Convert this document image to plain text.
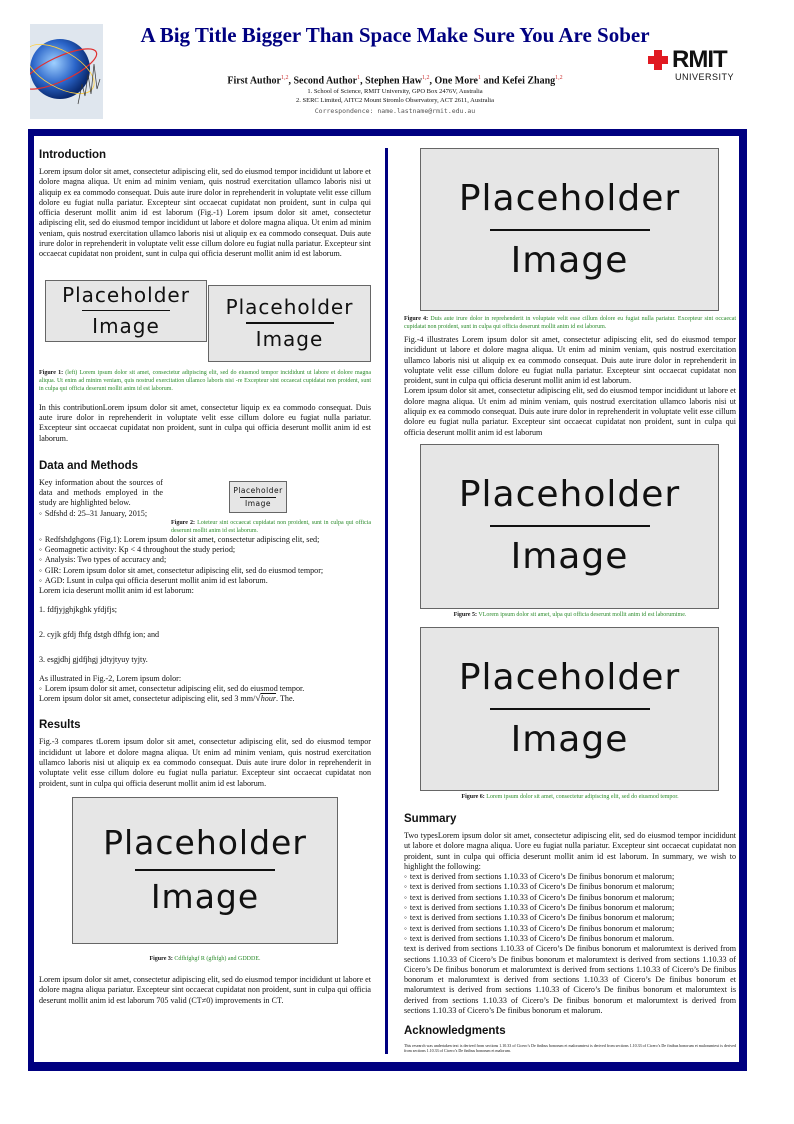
A Big Title Bigger Than Space Make Sure You Are Sober
First Author$^{1,2}$, Second Author$^1$, Stephen Haw$^{1,2}$, One More$^1$ and Kefei Zhang$^{1,2}$
1. School of Science, RMIT University, GPO Box 2476V, Australia
2. SERC Limited, AITC2 Mount Stromlo Observatory, ACT 2611, Australia
Correspondence: name.lastname@rmit.edu.au
RMIT
UNIVERSITY
Introduction

Lorem ipsum dolor sit amet, consectetur adipiscing elit, sed do eiusmod tempor incididunt ut labore et dolore magna aliqua. Ut enim ad minim veniam, quis nostrud exercitation ullamco laboris nisi ut aliquip ex ea commodo consequat. Duis aute irure dolor in reprehenderit in voluptate velit esse cillum dolore eu fugiat nulla pariatur. Excepteur sint occaecat cupidatat non proident, sunt in culpa qui officia deserunt mollit anim id est laborum (Fig.-1) Lorem ipsum dolor sit amet, consectetur adipiscing elit, sed do eiusmod tempor incididunt ut labore et dolore magna aliqua. Ut enim ad minim veniam, quis nostrud exercitation ullamco laboris nisi ut aliquip ex ea commodo consequat. Duis aute irure dolor in reprehenderit in voluptate velit esse cillum dolore eu fugiat nulla pariatur. Excepteur sint occaecat cupidatat non proident, sunt in culpa qui officia deserunt mollit anim id est laborum.

Placeholder
Image
Placeholder
Image
Figure 1: (left) Lorem ipsum dolor sit amet, consectetur adipiscing elit, sed do eiusmod tempor incididunt ut labore et dolore magna aliqua. Ut enim ad minim veniam, quis nostrud exercitation ullamco laboris nisi -re Excepteur sint occaecat cupidatat non proident, sunt in culpa qui officia deserunt mollit anim id est laborum.

In this contributionLorem ipsum dolor sit amet, consectetur liquip ex ea commodo consequat. Duis aute irure dolor in reprehenderit in voluptate velit esse cillum dolore eu fugiat nulla pariatur. Excepteur sint occaecat cupidatat non proident, sunt in culpa qui officia deserunt mollit anim id est laborum.

Data and Methods

Key information about the sources of data and methods employed in the study are highlighted below.

◦ Sdfshd d: 25–31 January, 2015;
Placeholder
Image
Figure 2: Loteteur sint occaecat cupidatat non proident, sunt in culpa qui officia deserunt mollit anim id est laborum.
◦ Redfshdghgons (Fig.1): Lorem ipsum dolor sit amet, consectetur adipiscing elit, sed;
◦ Geomagnetic activity: Kp < 4 throughout the study period;
◦ Analysis: Two types of accuracy and;
◦ GIR: Lorem ipsum dolor sit amet, consectetur adipiscing elit, sed do eiusmod tempor;
◦ AGD: Lsunt in culpa qui officia deserunt mollit anim id est laborum.

Lorem icia deserunt mollit anim id est laborum:

1. fdfjyjghjkghk yfdjfjs;

2. cyjk gfdj fhfg dstgh dfhfg ion; and

3. esgjdhj gjdfjhgj jdtyjtyuy tyjty.

As illustrated in Fig.-2, Lorem ipsum dolor:

◦ Lorem ipsum dolor sit amet, consectetur adipiscing elit, sed do eiusmod tempor.

Lorem ipsum dolor sit amet, consectetur adipiscing elit, sed 3 mm/√hour. The.

Results

Fig.-3 compares tLorem ipsum dolor sit amet, consectetur adipiscing elit, sed do eiusmod tempor incididunt ut labore et dolore magna aliqua. Ut enim ad minim veniam, quis nostrud exercitation ullamco laboris nisi ut aliquip ex ea commodo consequat. Duis aute irure dolor in reprehenderit in voluptate velit esse cillum dolore eu fugiat nulla pariatur. Excepteur sint occaecat cupidatat non proident, sunt in culpa qui officia deserunt mollit anim id est laborum.

Placeholder
Image
Figure 3: Cdfhfghgf R (gfhfgh) and GDDDE.

Lorem ipsum dolor sit amet, consectetur adipiscing elit, sed do eiusmod tempor incididunt ut labore et dolore magna aliqua pariatur. Excepteur sint occaecat cupidatat non proident, sunt in culpa qui officia deserunt mollit anim id est laborum 705 valid (CT≠0) improvements in CT.

Placeholder
Image
Figure 4: Duis aute irure dolor in reprehenderit in voluptate velit esse cillum dolore eu fugiat nulla pariatur. Excepteur sint occaecat cupidatat non proident, sunt in culpa qui officia deserunt mollit anim id est laborum.

Fig.-4 illustrates Lorem ipsum dolor sit amet, consectetur adipiscing elit, sed do eiusmod tempor incididunt ut labore et dolore magna aliqua. Ut enim ad minim veniam, quis nostrud exercitation ullamco laboris nisi ut aliquip ex ea commodo consequat. Duis aute irure dolor in reprehenderit in voluptate velit esse cillum dolore eu fugiat nulla pariatur. Excepteur sint occaecat cupidatat non proident, sunt in culpa qui officia deserunt mollit anim id est laborum.

Lorem ipsum dolor sit amet, consectetur adipiscing elit, sed do eiusmod tempor incididunt ut labore et dolore magna aliqua. Ut enim ad minim veniam, quis nostrud exercitation ullamco laboris nisi ut aliquip ex ea commodo consequat. Duis aute irure dolor in reprehenderit in voluptate velit esse cillum dolore eu fugiat nulla pariatur. Excepteur sint occaecat cupidatat non proident, sunt in culpa qui officia deserunt mollit anim id est laborum

Placeholder
Image
Figure 5: VLorem ipsum dolor sit amet, ulpa qui officia deserunt mollit anim id est laborumime.
Placeholder
Image
Figure 6: Lorem ipsum dolor sit amet, consectetur adipiscing elit, sed do eiusmod tempor.
Summary

Two typesLorem ipsum dolor sit amet, consectetur adipiscing elit, sed do eiusmod tempor incididunt ut labore et dolore magna aliqua. Uore eu fugiat nulla pariatur. Excepteur sint occaecat cupidatat non proident, sunt in culpa qui officia deserunt mollit anim id est laborum. In summary, we wish to highlight the following:

◦ text is derived from sections 1.10.33 of Cicero’s De finibus bonorum et malorum;
◦ text is derived from sections 1.10.33 of Cicero’s De finibus bonorum et malorum;
◦ text is derived from sections 1.10.33 of Cicero’s De finibus bonorum et malorum;
◦ text is derived from sections 1.10.33 of Cicero’s De finibus bonorum et malorum;
◦ text is derived from sections 1.10.33 of Cicero’s De finibus bonorum et malorum;
◦ text is derived from sections 1.10.33 of Cicero’s De finibus bonorum et malorum;
◦ text is derived from sections 1.10.33 of Cicero’s De finibus bonorum et malorum.

text is derived from sections 1.10.33 of Cicero’s De finibus bonorum et malorumtext is derived from sections 1.10.33 of Cicero’s De finibus bonorum et malorumtext is derived from sections 1.10.33 of Cicero’s De finibus bonorum et malorumtext is derived from sections 1.10.33 of Cicero’s De finibus bonorum et malorumtext is derived from sections 1.10.33 of Cicero’s De finibus bonorum et malorumtext is derived from sections 1.10.33 of Cicero’s De finibus bonorum et malorumtext is derived from sections 1.10.33 of Cicero’s De finibus bonorum et malorumtext is derived from sections 1.10.33 of Cicero’s De finibus bonorum et malorum.

Acknowledgments

This research was undertaken text is derived from sections 1.10.33 of Cicero’s De finibus bonorum et malorumtext is derived from sections 1.10.33 of Cicero’s De finibus bonorum et malorumtext is derived from sections 1.10.33 of Cicero’s De finibus bonorum et malorum.
